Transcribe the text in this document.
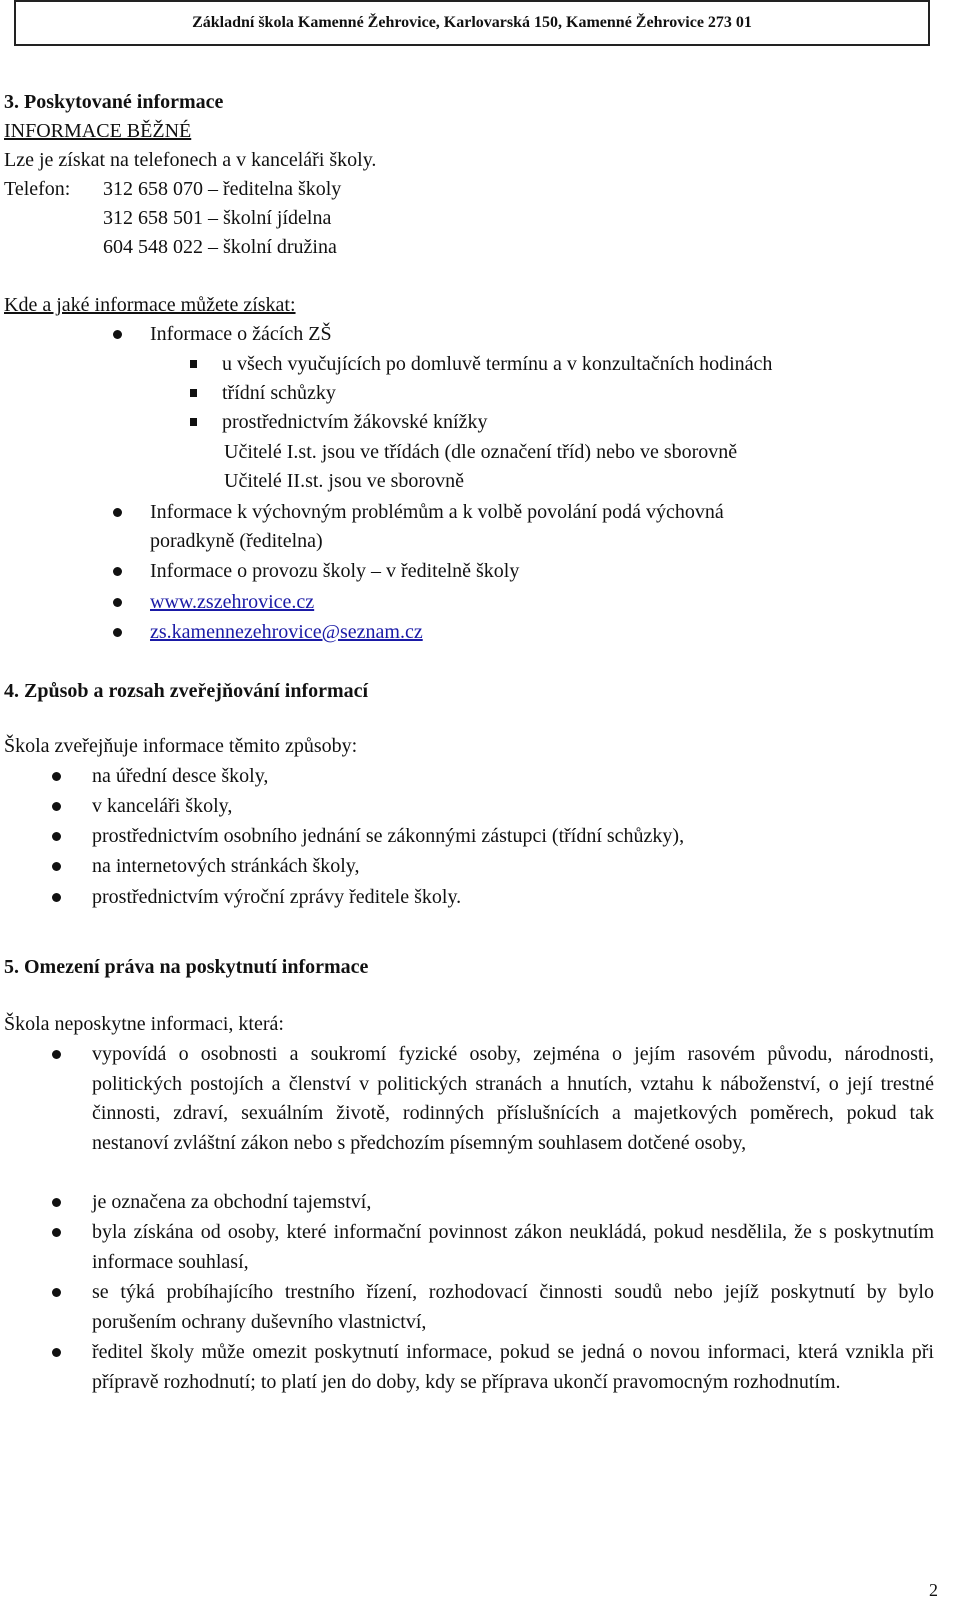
Základní škola Kamenné Žehrovice, Karlovarská 150, Kamenné Žehrovice 273 01
3. Poskytované informace
INFORMACE BĚŽNÉ
Lze je získat na telefonech a v kanceláři školy.
Telefon: 312 658 070 – ředitelna školy
312 658 501 – školní jídelna
604 548 022 – školní družina
Kde a jaké informace můžete získat:
Informace o žácích ZŠ
u všech vyučujících po domluvě termínu a v konzultačních hodinách
třídní schůzky
prostřednictvím žákovské knížky
Učitelé I.st. jsou ve třídách (dle označení tříd) nebo ve sborovně
Učitelé II.st. jsou ve sborovně
Informace k výchovným problémům a k volbě povolání podá výchovná
poradkyně (ředitelna)
Informace o provozu školy – v ředitelně školy
www.zszehrovice.cz
zs.kamennezehrovice@seznam.cz
4. Způsob a rozsah zveřejňování informací
Škola zveřejňuje informace těmito způsoby:
na úřední desce školy,
v kanceláři školy,
prostřednictvím osobního jednání se zákonnými zástupci (třídní schůzky),
na internetových stránkách školy,
prostřednictvím výroční zprávy ředitele školy.
5. Omezení práva na poskytnutí informace
Škola neposkytne informaci, která:
vypovídá o osobnosti a soukromí fyzické osoby, zejména o jejím rasovém původu, národnosti, politických postojích a členství v politických stranách a hnutích, vztahu k náboženství, o její trestné činnosti, zdraví, sexuálním životě, rodinných příslušnících a majetkových poměrech, pokud tak nestanoví zvláštní zákon nebo s předchozím písemným souhlasem dotčené osoby,
je označena za obchodní tajemství,
byla získána od osoby, které informační povinnost zákon neukládá, pokud nesdělila, že s poskytnutím informace souhlasí,
se týká probíhajícího trestního řízení, rozhodovací činnosti soudů nebo jejíž poskytnutí by bylo porušením ochrany duševního vlastnictví,
ředitel školy může omezit poskytnutí informace, pokud se jedná o novou informaci, která vznikla při přípravě rozhodnutí; to platí jen do doby, kdy se příprava ukončí pravomocným rozhodnutím.
2
